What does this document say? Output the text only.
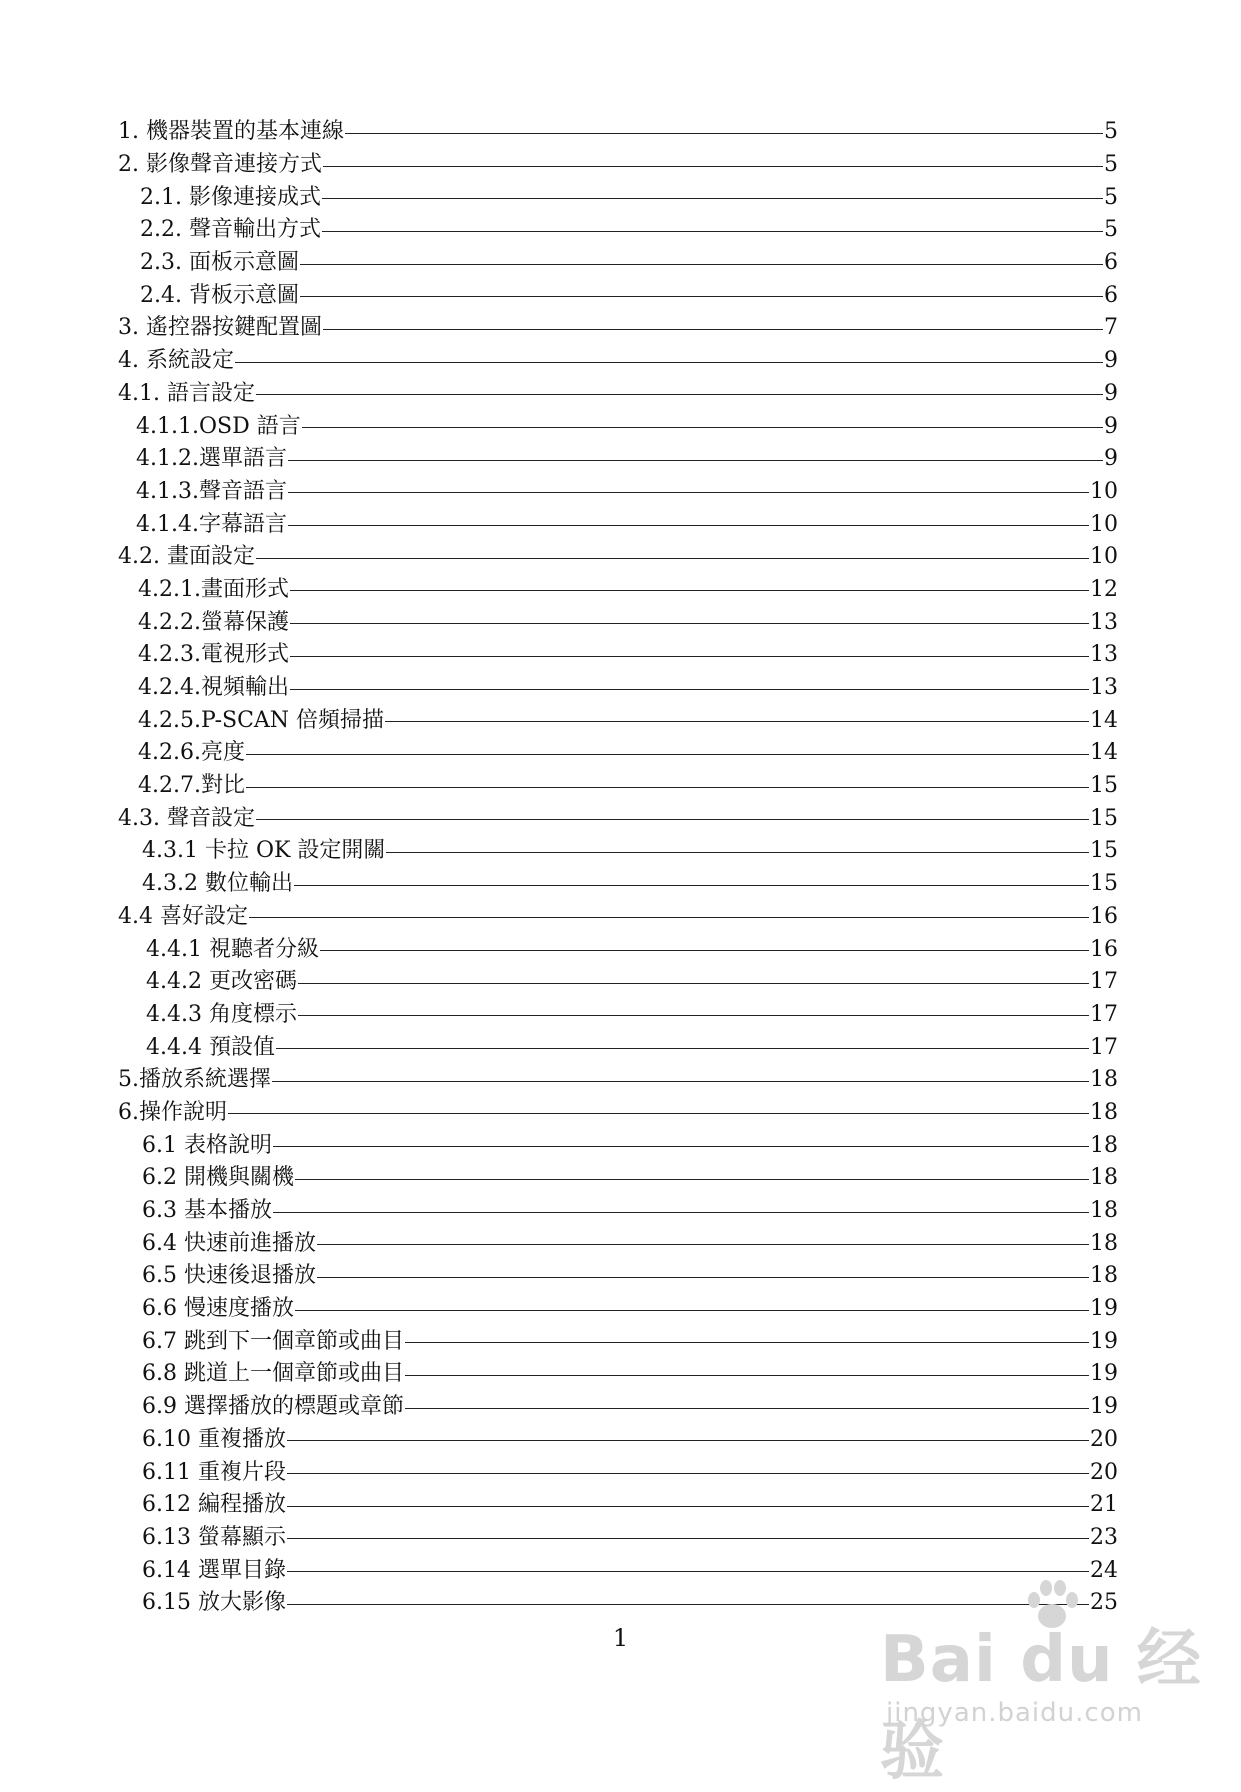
1. 機器裝置的基本連線	5
2. 影像聲音連接方式	5
2.1. 影像連接成式	5
2.2. 聲音輸出方式	5
2.3. 面板示意圖	6
2.4. 背板示意圖	6
3. 遙控器按鍵配置圖	7
4. 系統設定	9
4.1. 語言設定	9
4.1.1.OSD 語言	9
4.1.2.選單語言	9
4.1.3.聲音語言	10
4.1.4.字幕語言	10
4.2. 畫面設定	10
4.2.1.畫面形式	12
4.2.2.螢幕保護	13
4.2.3.電視形式	13
4.2.4.視頻輸出	13
4.2.5.P-SCAN 倍頻掃描	14
4.2.6.亮度	14
4.2.7.對比	15
4.3. 聲音設定	15
4.3.1 卡拉 OK 設定開關	15
4.3.2 數位輸出	15
4.4 喜好設定	16
4.4.1 視聽者分級	16
4.4.2 更改密碼	17
4.4.3 角度標示	17
4.4.4 預設值	17
5.播放系統選擇	18
6.操作說明	18
6.1 表格說明	18
6.2 開機與關機	18
6.3 基本播放	18
6.4 快速前進播放	18
6.5 快速後退播放	18
6.6 慢速度播放	19
6.7 跳到下一個章節或曲目	19
6.8 跳道上一個章節或曲目	19
6.9 選擇播放的標題或章節	19
6.10 重複播放	20
6.11 重複片段	20
6.12 編程播放	21
6.13 螢幕顯示	23
6.14 選單目錄	24
6.15 放大影像	25
1	Bai du 经验
jingyan.baidu.com
